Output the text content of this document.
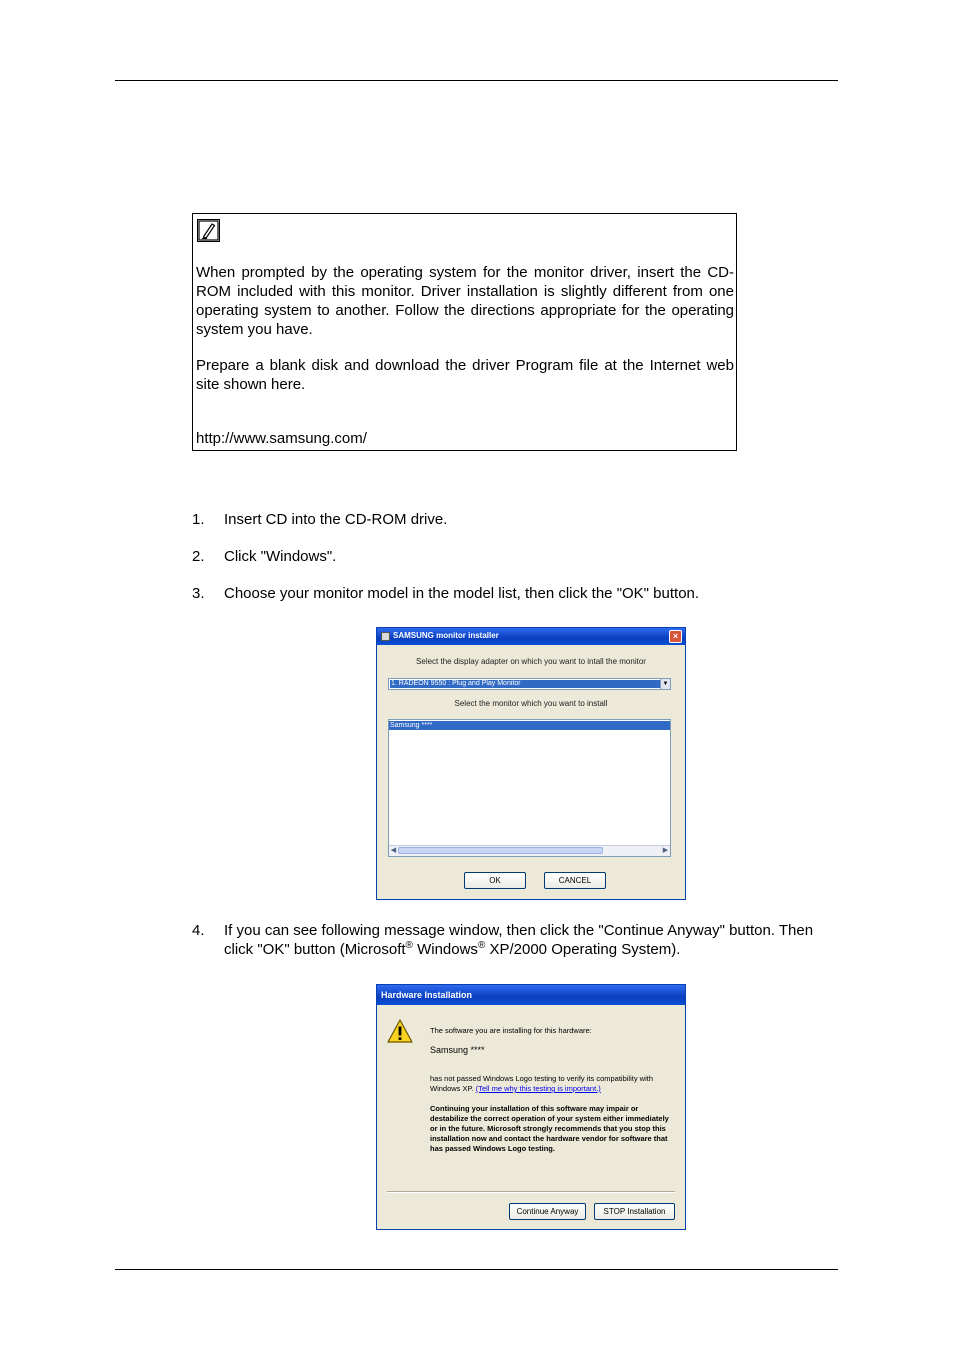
When prompted by the operating system for the monitor driver, insert the CD-ROM included with this monitor. Driver installation is slightly different from one operating system to another. Follow the directions appropriate for the operating system you have.

Prepare a blank disk and download the driver Program file at the Internet web site shown here.

http://www.samsung.com/

1. Insert CD into the CD-ROM drive.
2. Click "Windows".
3. Choose your monitor model in the model list, then click the "OK" button.
SAMSUNG monitor installer	×
Select the display adapter on which you want to intall the monitor
1. RADEON 9550 : Plug and Play Monitor	▼
Select the monitor which you want to install
Samsung ****
◀	▶
OK	CANCEL
4. If you can see following message window, then click the "Continue Anyway" button. Then click "OK" button (Microsoft® Windows® XP/2000 Operating System).
Hardware Installation
The software you are installing for this hardware:
Samsung ****
has not passed Windows Logo testing to verify its compatibility with Windows XP. (Tell me why this testing is important.)
Continuing your installation of this software may impair or destabilize the correct operation of your system either immediately or in the future. Microsoft strongly recommends that you stop this installation now and contact the hardware vendor for software that has passed Windows Logo testing.
Continue Anyway	STOP Installation
